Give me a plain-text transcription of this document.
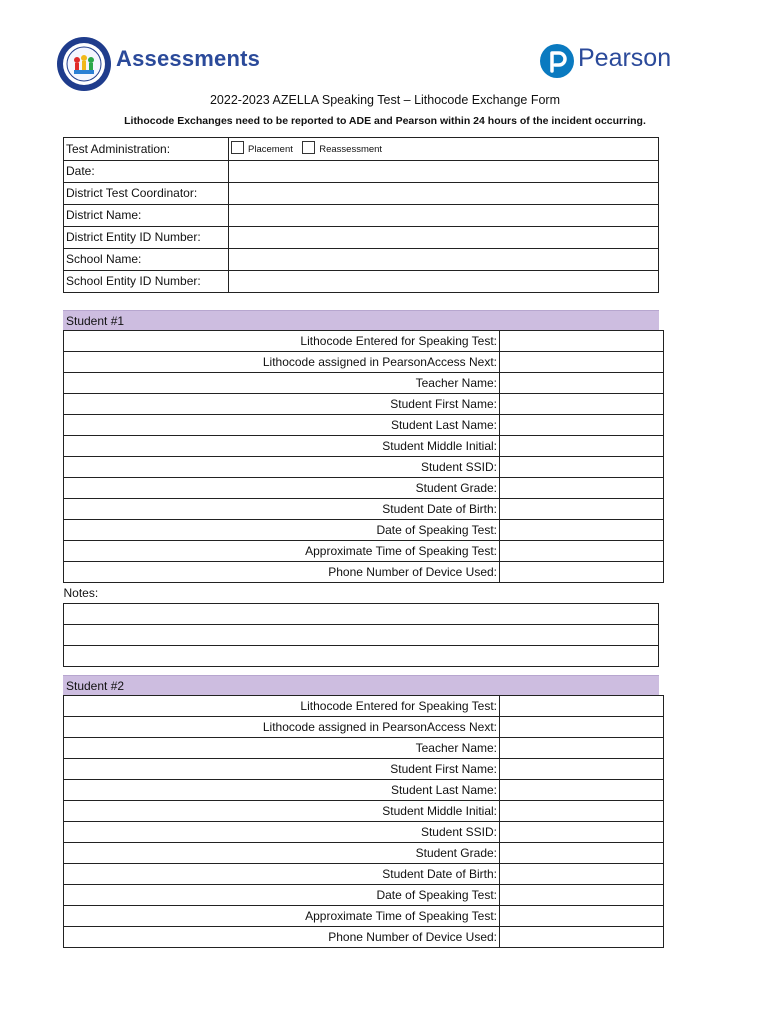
Assessments	Pearson
2022-2023 AZELLA Speaking Test – Lithocode Exchange Form
Lithocode Exchanges need to be reported to ADE and Pearson within 24 hours of the incident occurring.
Test Administration:	Placement Reassessment
Date:	
District Test Coordinator:	
District Name:	
District Entity ID Number:	
School Name:	
School Entity ID Number:	
Student #1
Lithocode Entered for Speaking Test:	
Lithocode assigned in PearsonAccess Next:	
Teacher Name:	
Student First Name:	
Student Last Name:	
Student Middle Initial:	
Student SSID:	
Student Grade:	
Student Date of Birth:	
Date of Speaking Test:	
Approximate Time of Speaking Test:	
Phone Number of Device Used:	
Notes:

Student #2
Lithocode Entered for Speaking Test:	
Lithocode assigned in PearsonAccess Next:	
Teacher Name:	
Student First Name:	
Student Last Name:	
Student Middle Initial:	
Student SSID:	
Student Grade:	
Student Date of Birth:	
Date of Speaking Test:	
Approximate Time of Speaking Test:	
Phone Number of Device Used:	
